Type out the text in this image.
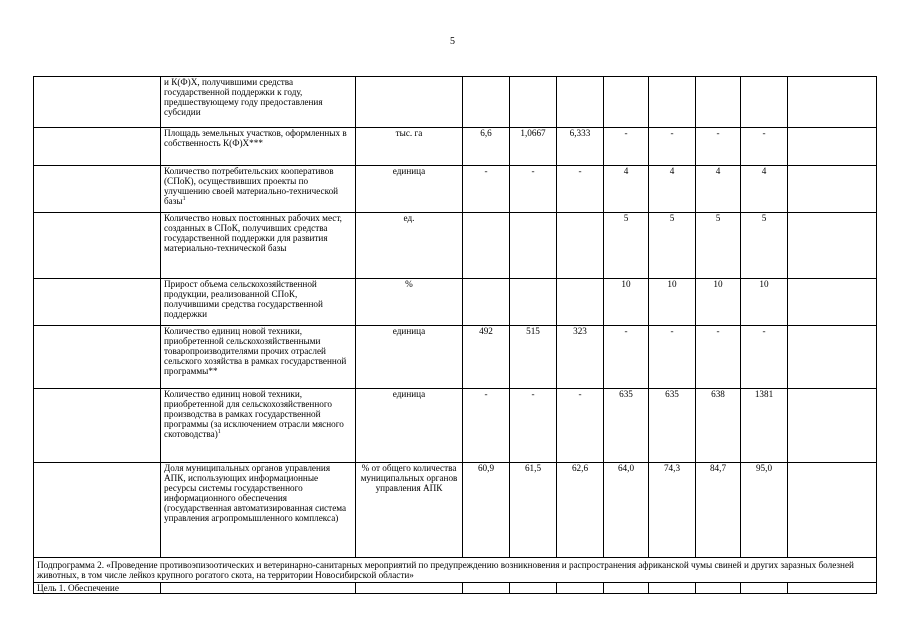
5
	и К(Ф)Х, получившими средства государственной поддержки к году, предшествующему году предоставления субсидии									
	Площадь земельных участков, оформленных в собственность К(Ф)Х***	тыс. га	6,6	1,0667	6,333	-	-	-	-	
	Количество потребительских кооперативов (СПоК), осуществивших проекты по улучшению своей материально-технической базы$^1$	единица	-	-	-	4	4	4	4	
	Количество новых постоянных рабочих мест, созданных в СПоК, получивших средства государственной поддержки для развития материально-технической базы	ед.				5	5	5	5	
	Прирост объема сельскохозяйственной продукции, реализованной СПоК, получившими средства государственной поддержки	%				10	10	10	10	
	Количество единиц новой техники, приобретенной сельскохозяйственными товаропроизводителями прочих отраслей сельского хозяйства в рамках государственной программы**	единица	492	515	323	-	-	-	-	
	Количество единиц новой техники, приобретенной для сельскохозяйственного производства в рамках государственной программы (за исключением отрасли мясного скотоводства)$^1$	единица	-	-	-	635	635	638	1381	
	Доля муниципальных органов управления АПК, использующих информационные ресурсы системы государственного информационного обеспечения (государственная автоматизированная система управления агропромышленного комплекса)	% от общего количества муниципальных органов управления АПК	60,9	61,5	62,6	64,0	74,3	84,7	95,0	
Подпрограмма 2. «Проведение противоэпизоотических и ветеринарно-санитарных мероприятий по предупреждению возникновения и распространения африканской чумы свиней и других заразных болезней животных, в том числе лейкоз крупного рогатого скота, на территории Новосибирской области»										
Цель 1. Обеспечение										
